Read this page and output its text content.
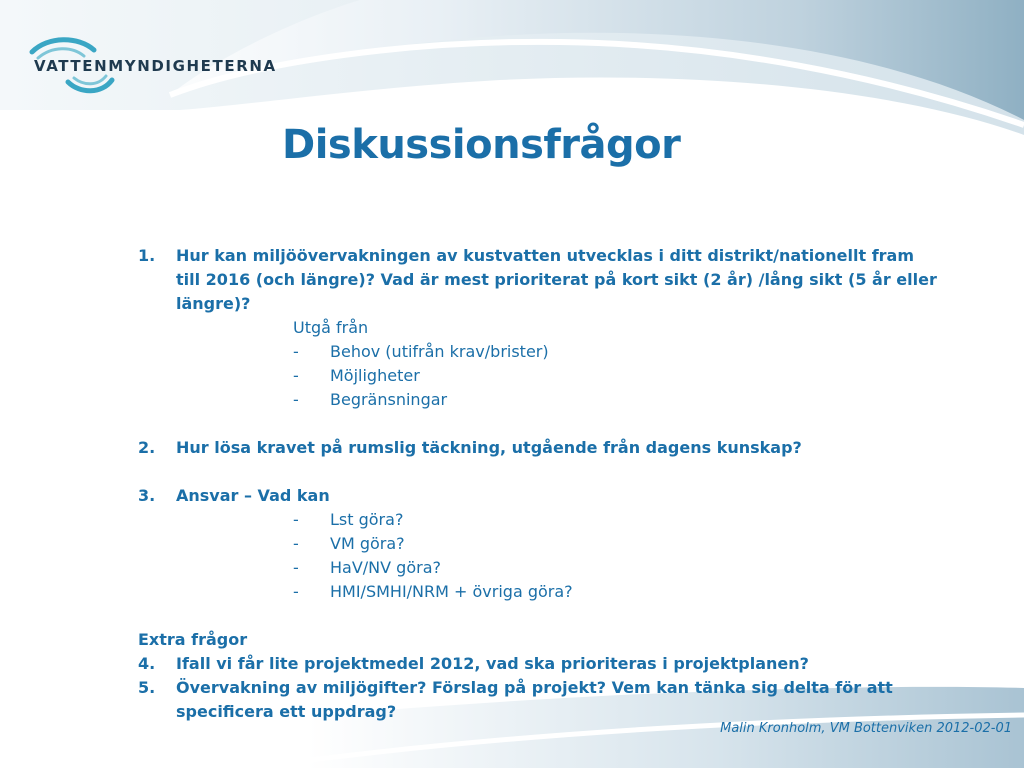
VATTENMYNDIGHETERNA
Diskussionsfrågor
1. Hur kan miljöövervakningen av kustvatten utvecklas i ditt distrikt/nationellt fram
till 2016 (och längre)? Vad är mest prioriterat på kort sikt (2 år) /lång sikt (5 år eller
längre)?
Utgå från
- Behov (utifrån krav/brister)
- Möjligheter
- Begränsningar
2. Hur lösa kravet på rumslig täckning, utgående från dagens kunskap?
3. Ansvar – Vad kan
- Lst göra?
- VM göra?
- HaV/NV göra?
- HMI/SMHI/NRM + övriga göra?
Extra frågor
4. Ifall vi får lite projektmedel 2012, vad ska prioriteras i projektplanen?
5. Övervakning av miljögifter? Förslag på projekt? Vem kan tänka sig delta för att
specificera ett uppdrag?
Malin Kronholm, VM Bottenviken 2012-02-01
